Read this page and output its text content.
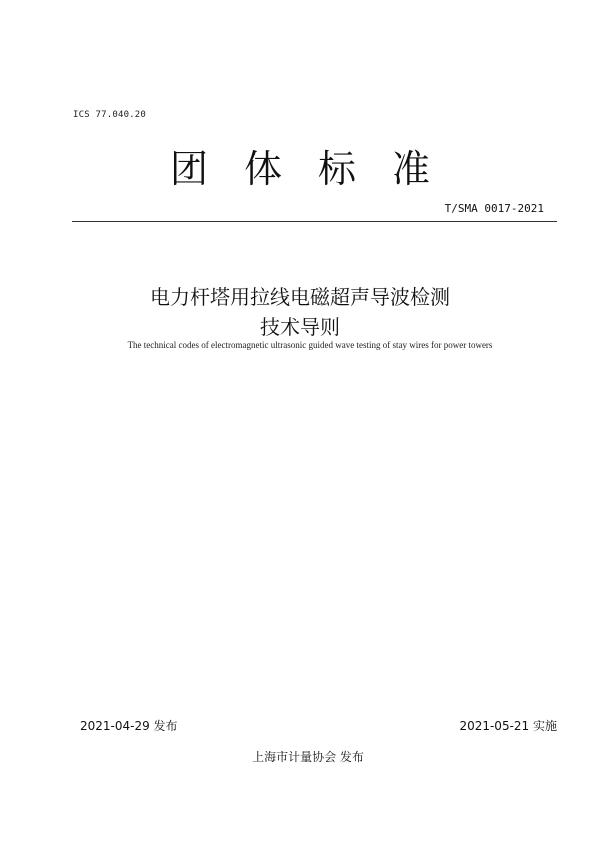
ICS 77.040.20
团体标准
T/SMA 0017-2021
电力杆塔用拉线电磁超声导波检测
技术导则
The technical codes of electromagnetic ultrasonic guided wave testing of stay wires for power towers
2021-04-29 发布	2021-05-21 实施
上海市计量协会 发布
